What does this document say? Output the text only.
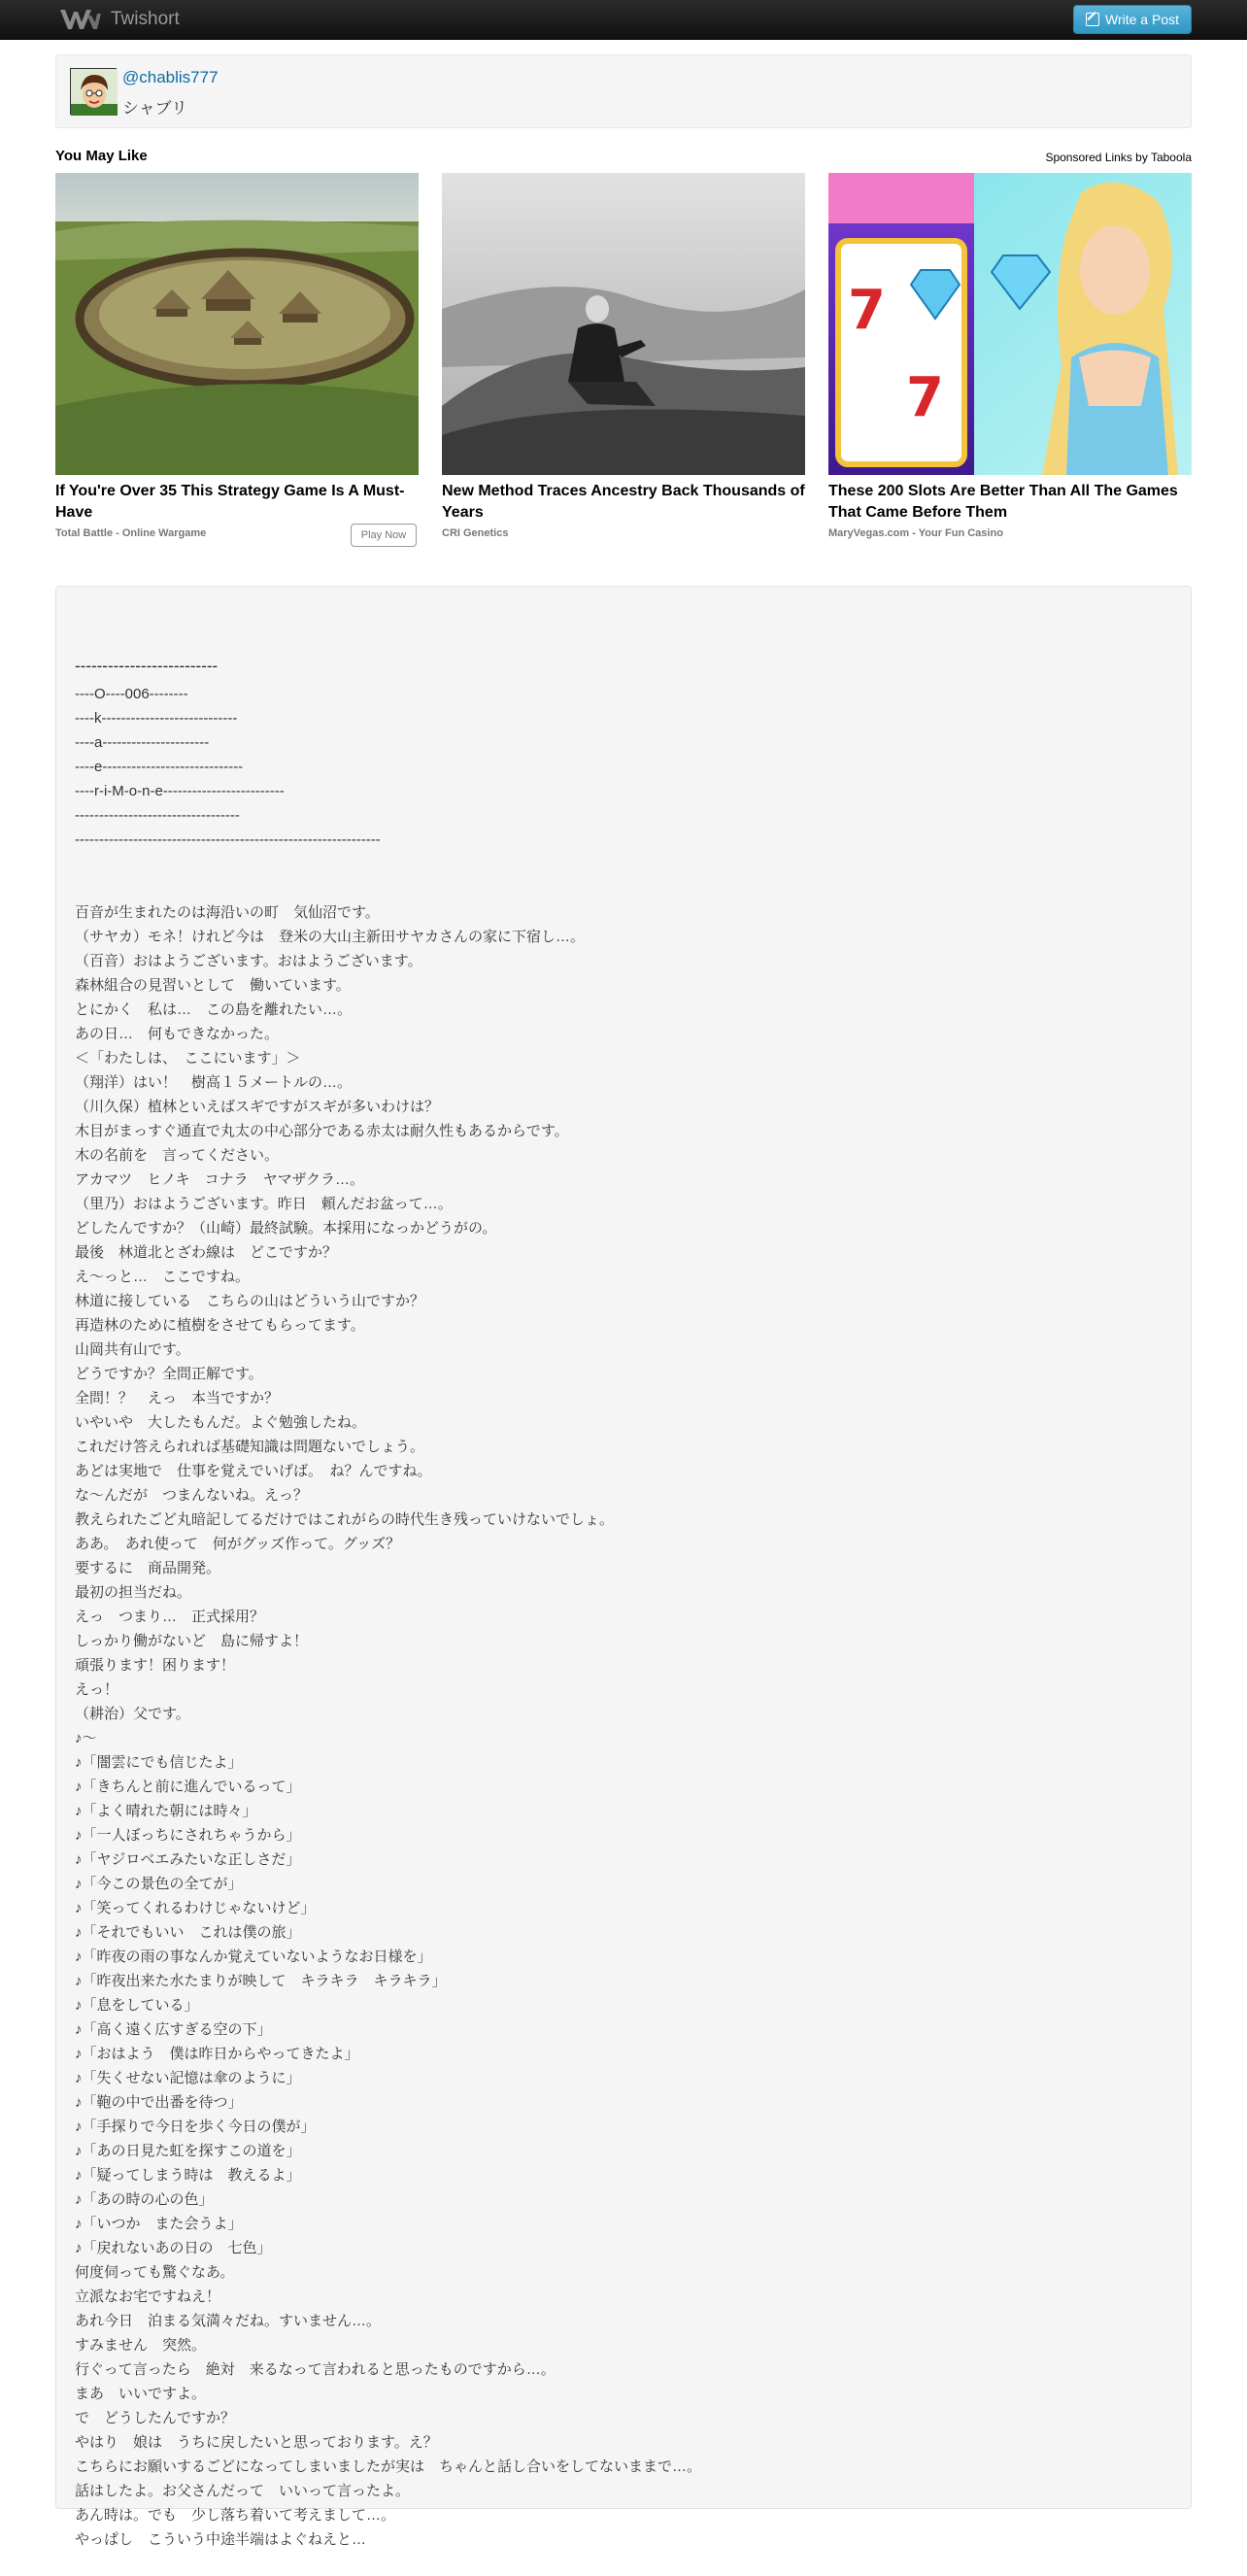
Twishort	Write a Post
@chablis777
シャブリ
You May Like	Sponsored Links by Taboola
If You're Over 35 This Strategy Game Is A Must-Have
Total Battle - Online Wargame	Play Now
New Method Traces Ancestry Back Thousands of Years
CRI Genetics
7
7
These 200 Slots Are Better Than All The Games That Came Before Them
MaryVegas.com - Your Fun Casino

--------------------------
----O----006--------
----k----------------------------
----a----------------------
----e-----------------------------
----r-i-M-o-n-e-------------------------
----------------------------------
---------------------------------------------------------------

百音が生まれたのは海沿いの町　気仙沼です。
（サヤカ）モネ！けれど今は　登米の大山主新田サヤカさんの家に下宿し…。
（百音）おはようございます。おはようございます。
森林組合の見習いとして　働いています。
とにかく　私は…　この島を離れたい…。
あの日…　何もできなかった。
＜「わたしは、　ここにいます」＞
（翔洋）はい！　樹高１５メートルの…。
（川久保）植林といえばスギですがスギが多いわけは？
木目がまっすぐ通直で丸太の中心部分である赤太は耐久性もあるからです。
木の名前を　言ってください。
アカマツ　ヒノキ　コナラ　ヤマザクラ…。
（里乃）おはようございます。昨日　頼んだお盆って…。
どしたんですか？（山崎）最終試験。本採用になっかどうがの。
最後　林道北とざわ線は　どこですか？
え～っと…　ここですね。
林道に接している　こちらの山はどういう山ですか？
再造林のために植樹をさせてもらってます。
山岡共有山です。
どうですか？全問正解です。
全問！？　えっ　本当ですか？
いやいや　大したもんだ。よぐ勉強したね。
これだけ答えられれば基礎知識は問題ないでしょう。
あどは実地で　仕事を覚えでいげば。　ね？んですね。
な～んだが　つまんないね。えっ？
教えられたごど丸暗記してるだけではこれがらの時代生き残っていけないでしょ。
ああ。　あれ使って　何がグッズ作って。グッズ？
要するに　商品開発。
最初の担当だね。
えっ　つまり…　正式採用？
しっかり働がないど　島に帰すよ！
頑張ります！困ります！
えっ！
（耕治）父です。
♪～
♪「闇雲にでも信じたよ」
♪「きちんと前に進んでいるって」
♪「よく晴れた朝には時々」
♪「一人ぼっちにされちゃうから」
♪「ヤジロベエみたいな正しさだ」
♪「今この景色の全てが」
♪「笑ってくれるわけじゃないけど」
♪「それでもいい　これは僕の旅」
♪「昨夜の雨の事なんか覚えていないようなお日様を」
♪「昨夜出来た水たまりが映して　キラキラ　キラキラ」
♪「息をしている」
♪「高く遠く広すぎる空の下」
♪「おはよう　僕は昨日からやってきたよ」
♪「失くせない記憶は傘のように」
♪「鞄の中で出番を待つ」
♪「手探りで今日を歩く今日の僕が」
♪「あの日見た虹を探すこの道を」
♪「疑ってしまう時は　教えるよ」
♪「あの時の心の色」
♪「いつか　また会うよ」
♪「戻れないあの日の　七色」
何度伺っても驚ぐなあ。
立派なお宅ですねえ！
あれ今日　泊まる気満々だね。すいません…。
すみません　突然。
行ぐって言ったら　絶対　来るなって言われると思ったものですから…。
まあ　いいですよ。
で　どうしたんですか？
やはり　娘は　うちに戻したいと思っております。え？
こちらにお願いするごどになってしまいましたが実は　ちゃんと話し合いをしてないままで…。
話はしたよ。お父さんだって　いいって言ったよ。
あん時は。でも　少し落ち着いて考えまして…。
やっぱし　こういう中途半端はよぐねえと…
